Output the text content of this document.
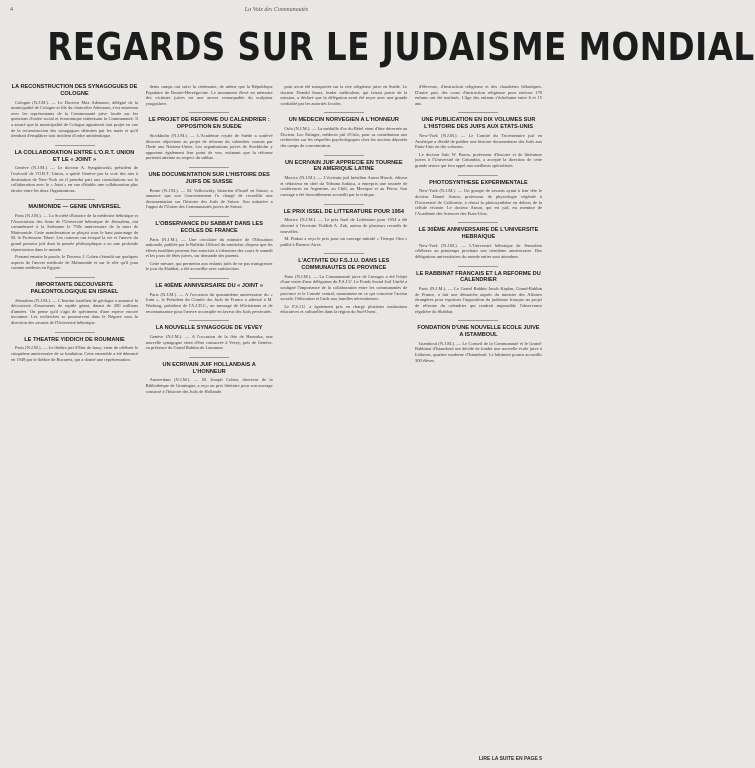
4	La Voix des Communautés
REGARDS SUR LE JUDAISME MONDIAL
LA RECONSTRUCTION DES SYNAGOGUES DE COLOGNE

Cologne (N.J.M.). — Le Docteur Max Adenauer, délégué de la municipalité de Cologne et fils du chancelier Adenauer, s'est entretenu avec les représentants de la Communauté juive locale sur les questions d'ordre social et économique intéressant la Communauté. Il a assuré que la municipalité de Cologne appuierait tout projet en vue de la reconstruction des synagogues détruites par les nazis et qu'il tiendrait d'emplâtrer tout incident d'ordre antisémitique.

LA COLLABORATION ENTRE L'O.R.T. UNION ET LE « JOINT »

Genève (N.J.M.). — Le docteur A. Syngalowski, président de l'exécutif de l'O.R.T. Union, a quitté Genève par la voie des airs à destination de New-York où il prendra part aux consultations sur la collaboration avec le « Joint » en vue d'établir une collaboration plus étroite entre les deux Organisations.

MAIMONIDE — GENIE UNIVERSEL

Paris (N.J.M.). — La Société d'histoire de la médecine hébraïque et l'Association des Amis de l'Université hébraïque de Jérusalem, ont commémoré à la Sorbonne le 750e anniversaire de la mort de Maïmonide. Cette manifestation se plaçait sous le haut patronage de M. le Professeur Tiberi. Les orateurs ont évoqué la vie et l'œuvre du grand penseur juif dont la pensée philosophique a eu une profonde répercussion dans le monde.

Prenant ensuite la parole, le Docteur J. Cohen s'étendit sur quelques aspects de l'œuvre médicale de Maïmonide et sur le rôle qu'il joua comme médecin en Egypte.

IMPORTANTE DECOUVERTE PALEONTOLOGIQUE EN ISRAEL

Jérusalem (N.J.M.). — L'Institut israélien de géologie a annoncé la découverte d'ossements de reptile géant, datant de 200 millions d'années. On pense qu'il s'agit de spécimens d'une espèce encore inconnue. Les recherches se poursuivent dans le Néguev sous la direction des savants de l'Université hébraïque.

LE THEATRE YIDDICH DE ROUMANIE

Paris (N.J.M.). — Le théâtre juif d'Etat de Jassy, vient de célébrer le cinquième anniversaire de sa fondation. Cette ensemble a été dénoncé en 1948 par le théâtre de Bucarest, qui a donné une représentation.

dents camps ont suivi la cérémonie, de même que la République Populaire de Bosnie-Herzégovine. Le monument élevé en mémoire des victimes juives est une œuvre remarquable du sculpteur yougoslave.

LE PROJET DE REFORME DU CALENDRIER : OPPOSITION EN SUEDE

Stockholm (N.J.M.). — L'Académie royale de Suède a soulevé diverses objections au projet de réforme du calendrier soumis par l'Inde aux Nations-Unies. Les organisations juives de Stockholm y apportent également leur point de vue, estimant que la réforme porterait atteinte au respect du sabbat.

UNE DOCUMENTATION SUR L'HISTOIRE DES JUIFS DE SUISSE

Berne (N.J.M.). — M. Vallcowsky, historien d'Israël en Suisse, a annoncé que son Gouvernement l'a chargé de recueillir une documentation sur l'histoire des Juifs de Suisse. Son initiative a l'appui de l'Union des Communautés juives de Suisse.

L'OBSERVANCE DU SABBAT DANS LES ECOLES DE FRANCE

Paris (N.J.M.). — Une circulaire du ministre de l'Education nationale, publiée par le Bulletin Officiel du ministère, dispose que les élèves israélites peuvent être autorisés à s'absenter des cours le samedi et les jours de fêtes juives, sur demande des parents.

Cette mesure, qui permettra aux enfants juifs de ne pas transgresser le jour du Shabbat, a été accueillie avec satisfaction.

LE 40ÈME ANNIVERSAIRE DU « JOINT »

Paris (N.J.M.). — A l'occasion du quarantième anniversaire du « Joint », le Président du Comité des Juifs de France a adressé à M. Warburg, président de l'A.J.D.C., un message de félicitations et de reconnaissance pour l'œuvre accomplie en faveur des Juifs persécutés.

LA NOUVELLE SYNAGOGUE DE VEVEY

Genève (N.J.M.). — A l'occasion de la fête de Hanouka, une nouvelle synagogue vient d'être consacrée à Vevey, près de Genève, en présence du Grand Rabbin de Lausanne.

UN ECRIVAIN JUIF HOLLANDAIS A L'HONNEUR

Amsterdam (N.J.M.). — M. Joseph Cohen, directeur de la Bibliothèque de Groningue, a reçu un prix littéraire pour son ouvrage consacré à l'histoire des Juifs de Hollande.

pour avoir été transportés sur la rive religieuse juive en Suède. Le docteur Donald Sauer, leader méthodiste, qui faisait partie de la mission, a déclaré que la délégation avait été reçue avec une grande cordialité par les autorités locales.

UN MEDECIN NORVEGIEN A L'HONNEUR

Oslo (N.J.M.). — La médaille d'or du Bétel vient d'être décernée au Docteur Leo Eitinger, médecin juif d'Oslo, pour sa contribution aux recherches sur les séquelles psychologiques chez les anciens déportés des camps de concentration.

UN ECRIVAIN JUIF APPRECIE EN TOURNEE EN AMERIQUE LATINE

Mexico (N.J.M.). — L'écrivain juif brésilien Aaron Hirsch, éditeur et rédacteur en chef du Tribuna Judaica, a entrepris une tournée de conférences en Argentine, au Chili, au Mexique et au Pérou. Son ouvrage a été favorablement accueilli par la critique.

LE PRIX ISSEL DE LITTERATURE POUR 1954

Mexico (N.J.M.). — Le prix Issel de Littérature pour 1954 a été décerné à l'écrivain Yiddish A. Zak, auteur de plusieurs recueils de nouvelles.

M. Pinkas a reçu le prix pour un ouvrage intitulé « Tiempo Otra » publié à Buenos-Aires.

L'ACTIVITE DU F.S.J.U. DANS LES COMMUNAUTES DE PROVINCE

Paris (N.J.M.). — La Communauté juive de Limoges a été l'objet d'une visite d'une délégation du F.S.J.U. Le Fonds Social Juif Unifié a souligné l'importance de la collaboration entre les communautés de province et le Comité central, notamment en ce qui concerne l'action sociale, l'éducation et l'aide aux familles nécessiteuses.

Le F.S.J.U. a également pris en charge plusieurs institutions éducatives et culturelles dans la région du Sud-Ouest.

d'éleveurs, d'instruction religieuse et des chaudières hébraïques. D'autre part, des cours d'instruction religieuse pour environ 170 enfants ont été institués. L'âge des enfants s'échelonne entre 6 et 15 ans.

UNE PUBLICATION EN DIX VOLUMES SUR L'HISTOIRE DES JUIFS AUX ETATS-UNIS

New-York (N.J.M.). — Le Comité du Tricentenaire juif en Amérique a décidé de publier une histoire documentaire des Juifs aux Etats-Unis en dix volumes.

Le docteur Salo W. Baron, professeur d'histoire et de littérature juives à l'Université de Columbia, a accepté la direction de cette grande œuvre qui fera appel aux meilleurs spécialistes.

PHOTOSYNTHESE EXPERIMENTALE

New-York (N.J.M.). — Un groupe de savants ayant à leur tête le docteur Daniel Arnon, professeur de physiologie végétale à l'Université de Californie, a réussi la photosynthèse en dehors de la cellule vivante. Le docteur Arnon, qui est juif, est membre de l'Académie des Sciences des Etats-Unis.

LE 30ÈME ANNIVERSAIRE DE L'UNIVERSITE HEBRAIQUE

New-York (N.J.M.). — L'Université hébraïque de Jérusalem célébrera au printemps prochain son trentième anniversaire. Des délégations universitaires du monde entier sont attendues.

LE RABBINAT FRANCAIS ET LA REFORME DU CALENDRIER

Paris (N.J.M.). — Le Grand Rabbin Jacob Kaplan, Grand-Rabbin de France, a fait une démarche auprès du ministre des Affaires étrangères pour exprimer l'opposition du judaïsme français au projet de réforme du calendrier qui rendrait impossible l'observance régulière du Shabbat.

FONDATION D'UNE NOUVELLE ECOLE JUIVE A ISTAMBOUL

Istamboul (N.J.M.). — Le Conseil de la Communauté et le Grand-Rabbinat d'Istamboul ont décidé de fonder une nouvelle école juive à Ichlaven, quartier moderne d'Istamboul. Le bâtiment pourra accueillir 300 élèves.

LIRE LA SUITE EN PAGE 5
